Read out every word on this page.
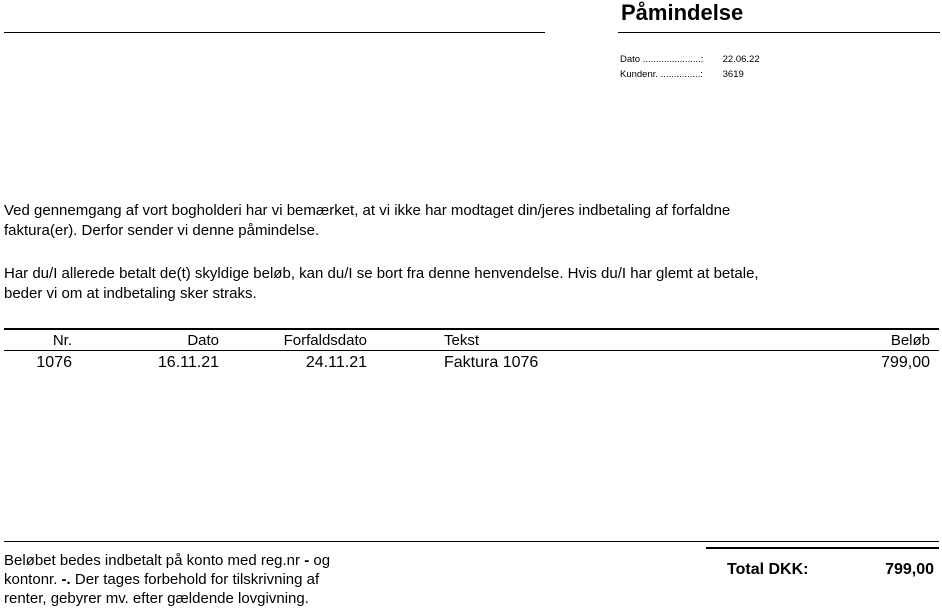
Påmindelse
Dato ......................: 22.06.22
Kundenr. ...............: 3619
Ved gennemgang af vort bogholderi har vi bemærket, at vi ikke har modtaget din/jeres indbetaling af forfaldne
faktura(er). Derfor sender vi denne påmindelse.
Har du/I allerede betalt de(t) skyldige beløb, kan du/I se bort fra denne henvendelse. Hvis du/I har glemt at betale,
beder vi om at indbetaling sker straks.
Nr.	Dato	Forfaldsdato	Tekst	Beløb
1076	16.11.21	24.11.21	Faktura 1076	799,00
Beløbet bedes indbetalt på konto med reg.nr - og
kontonr. -. Der tages forbehold for tilskrivning af
renter, gebyrer mv. efter gældende lovgivning.
Total DKK:	799,00
